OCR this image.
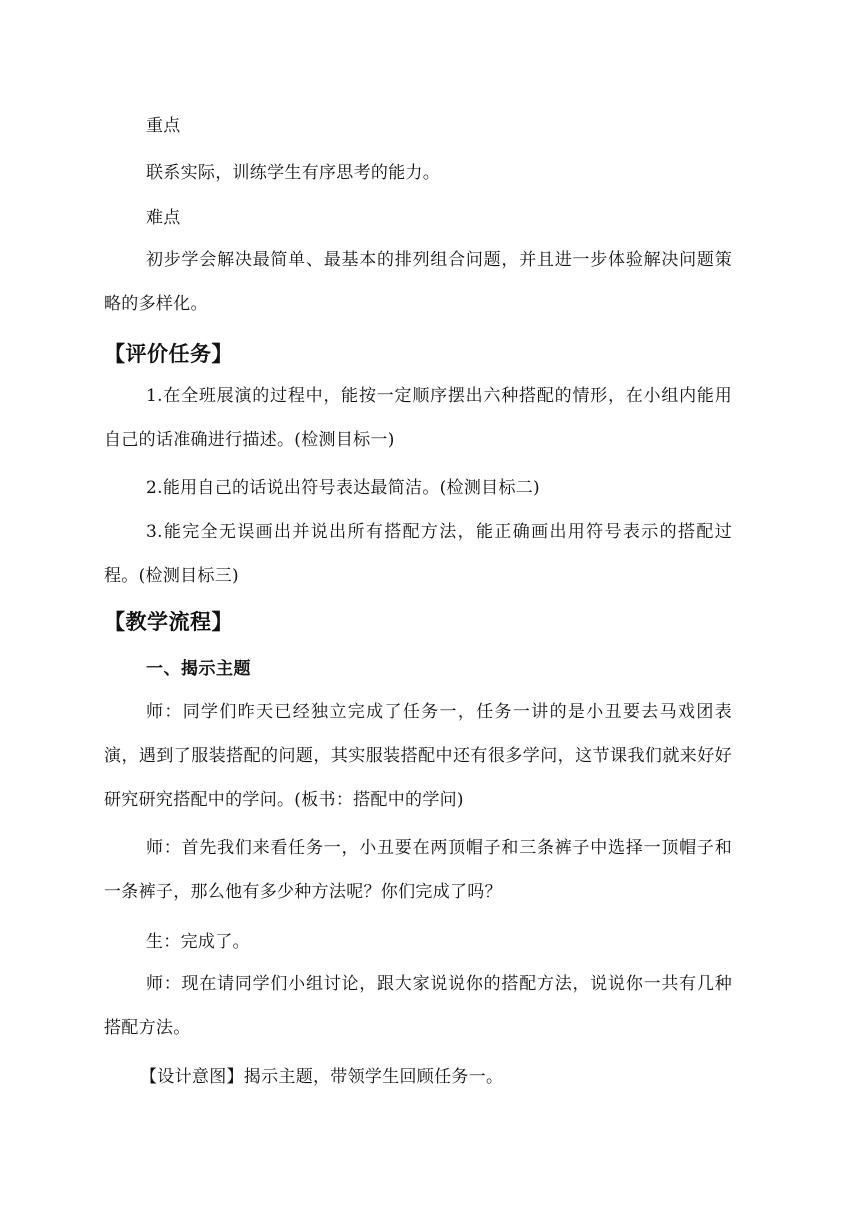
重点

联系实际，训练学生有序思考的能力。

难点

初步学会解决最简单、最基本的排列组合问题，并且进一步体验解决问题策略的多样化。

【评价任务】

1.在全班展演的过程中，能按一定顺序摆出六种搭配的情形，在小组内能用自己的话准确进行描述。(检测目标一)

2.能用自己的话说出符号表达最简洁。(检测目标二)

3.能完全无误画出并说出所有搭配方法，能正确画出用符号表示的搭配过程。(检测目标三)

【教学流程】
一、揭示主题

师：同学们昨天已经独立完成了任务一，任务一讲的是小丑要去马戏团表演，遇到了服装搭配的问题，其实服装搭配中还有很多学问，这节课我们就来好好研究研究搭配中的学问。(板书：搭配中的学问)

师：首先我们来看任务一，小丑要在两顶帽子和三条裤子中选择一顶帽子和一条裤子，那么他有多少种方法呢？你们完成了吗？

生：完成了。

师：现在请同学们小组讨论，跟大家说说你的搭配方法，说说你一共有几种搭配方法。

【设计意图】揭示主题，带领学生回顾任务一。
